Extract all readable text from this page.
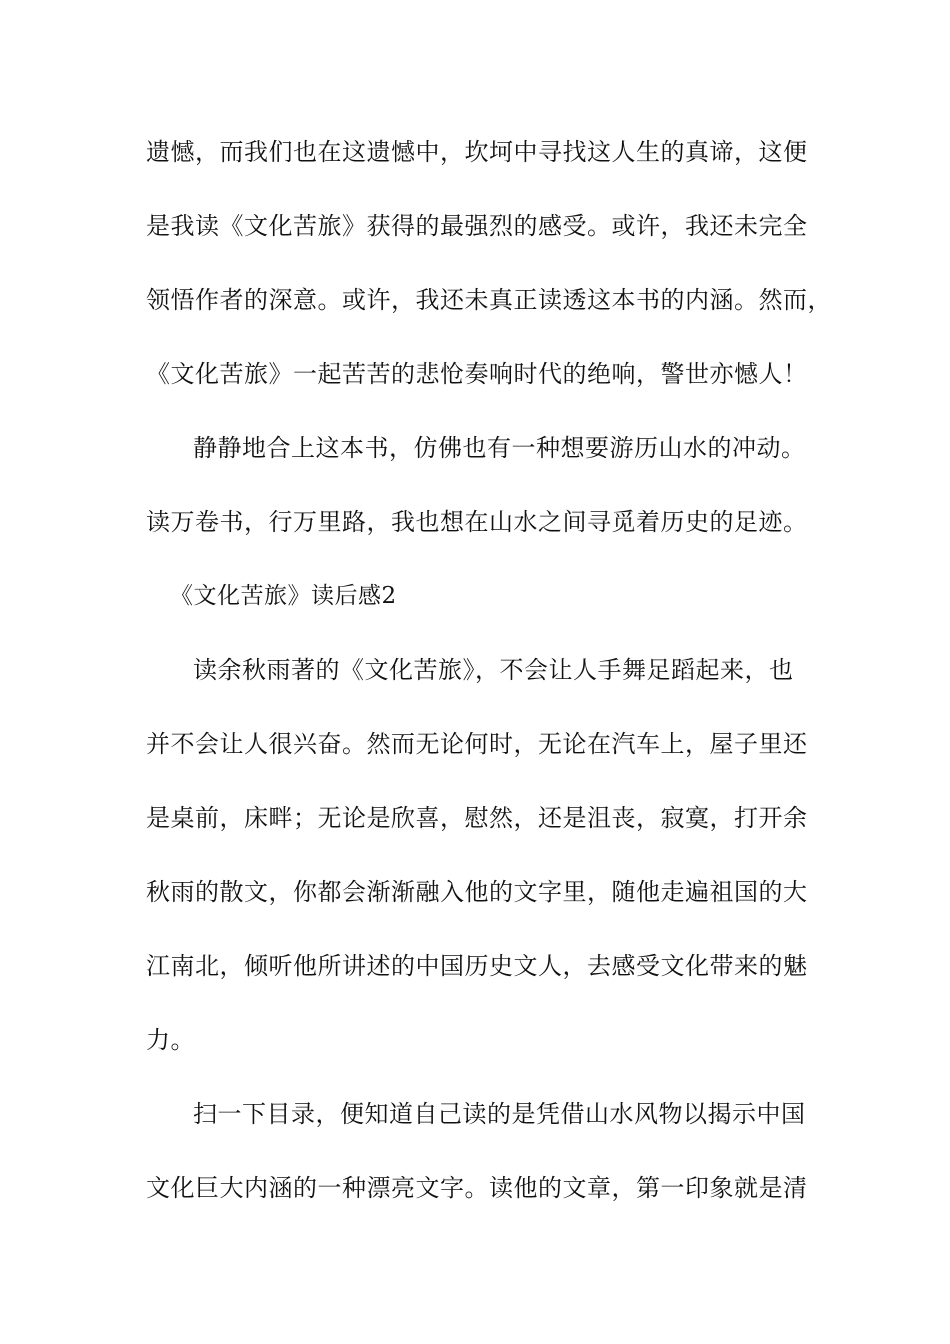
遗憾，而我们也在这遗憾中，坎坷中寻找这人生的真谛，这便
是我读《文化苦旅》获得的最强烈的感受。或许，我还未完全
领悟作者的深意。或许，我还未真正读透这本书的内涵。然而，
《文化苦旅》一起苦苦的悲怆奏响时代的绝响，警世亦憾人！
静静地合上这本书，仿佛也有一种想要游历山水的冲动。
读万卷书，行万里路，我也想在山水之间寻觅着历史的足迹。
《文化苦旅》读后感2
读余秋雨著的《文化苦旅》，不会让人手舞足蹈起来，也
并不会让人很兴奋。然而无论何时，无论在汽车上，屋子里还
是桌前，床畔；无论是欣喜，慰然，还是沮丧，寂寞，打开余
秋雨的散文，你都会渐渐融入他的文字里，随他走遍祖国的大
江南北，倾听他所讲述的中国历史文人，去感受文化带来的魅
力。
扫一下目录，便知道自己读的是凭借山水风物以揭示中国
文化巨大内涵的一种漂亮文字。读他的文章，第一印象就是清
